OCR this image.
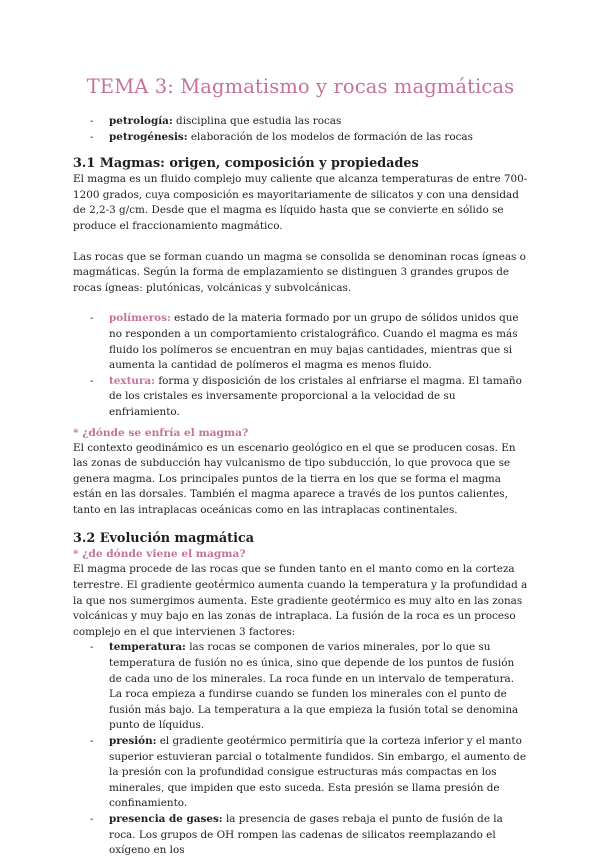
TEMA 3: Magmatismo y rocas magmáticas
- petrología: disciplina que estudia las rocas
- petrogénesis: elaboración de los modelos de formación de las rocas
3.1 Magmas: origen, composición y propiedades

El magma es un fluido complejo muy caliente que alcanza temperaturas de entre 700-1200 grados, cuya composición es mayoritariamente de silicatos y con una densidad de 2,2-3 g/cm. Desde que el magma es líquido hasta que se convierte en sólido se produce el fraccionamiento magmático.

Las rocas que se forman cuando un magma se consolida se denominan rocas ígneas o magmáticas. Según la forma de emplazamiento se distinguen 3 grandes grupos de rocas ígneas: plutónicas, volcánicas y subvolcánicas.

- polímeros: estado de la materia formado por un grupo de sólidos unidos que no responden a un comportamiento cristalográfico. Cuando el magma es más fluido los polímeros se encuentran en muy bajas cantidades, mientras que si aumenta la cantidad de polímeros el magma es menos fluido.
- textura: forma y disposición de los cristales al enfriarse el magma. El tamaño de los cristales es inversamente proporcional a la velocidad de su enfriamiento.
* ¿dónde se enfría el magma?

El contexto geodinámico es un escenario geológico en el que se producen cosas. En las zonas de subducción hay vulcanismo de tipo subducción, lo que provoca que se genera magma. Los principales puntos de la tierra en los que se forma el magma están en las dorsales. También el magma aparece a través de los puntos calientes, tanto en las intraplacas oceánicas como en las intraplacas continentales.

3.2 Evolución magmática
* ¿de dónde viene el magma?

El magma procede de las rocas que se funden tanto en el manto como en la corteza terrestre. El gradiente geotérmico aumenta cuando la temperatura y la profundidad a la que nos sumergimos aumenta. Este gradiente geotérmico es muy alto en las zonas volcánicas y muy bajo en las zonas de intraplaca. La fusión de la roca es un proceso complejo en el que intervienen 3 factores:

- temperatura: las rocas se componen de varios minerales, por lo que su temperatura de fusión no es única, sino que depende de los puntos de fusión de cada uno de los minerales. La roca funde en un intervalo de temperatura. La roca empieza a fundirse cuando se funden los minerales con el punto de fusión más bajo. La temperatura a la que empieza la fusión total se denomina punto de líquidus.
- presión: el gradiente geotérmico permitiría que la corteza inferior y el manto superior estuvieran parcial o totalmente fundidos. Sin embargo, el aumento de la presión con la profundidad consigue estructuras más compactas en los minerales, que impiden que esto suceda. Esta presión se llama presión de confinamiento.
- presencia de gases: la presencia de gases rebaja el punto de fusión de la roca. Los grupos de OH rompen las cadenas de silicatos reemplazando el oxígeno en los
